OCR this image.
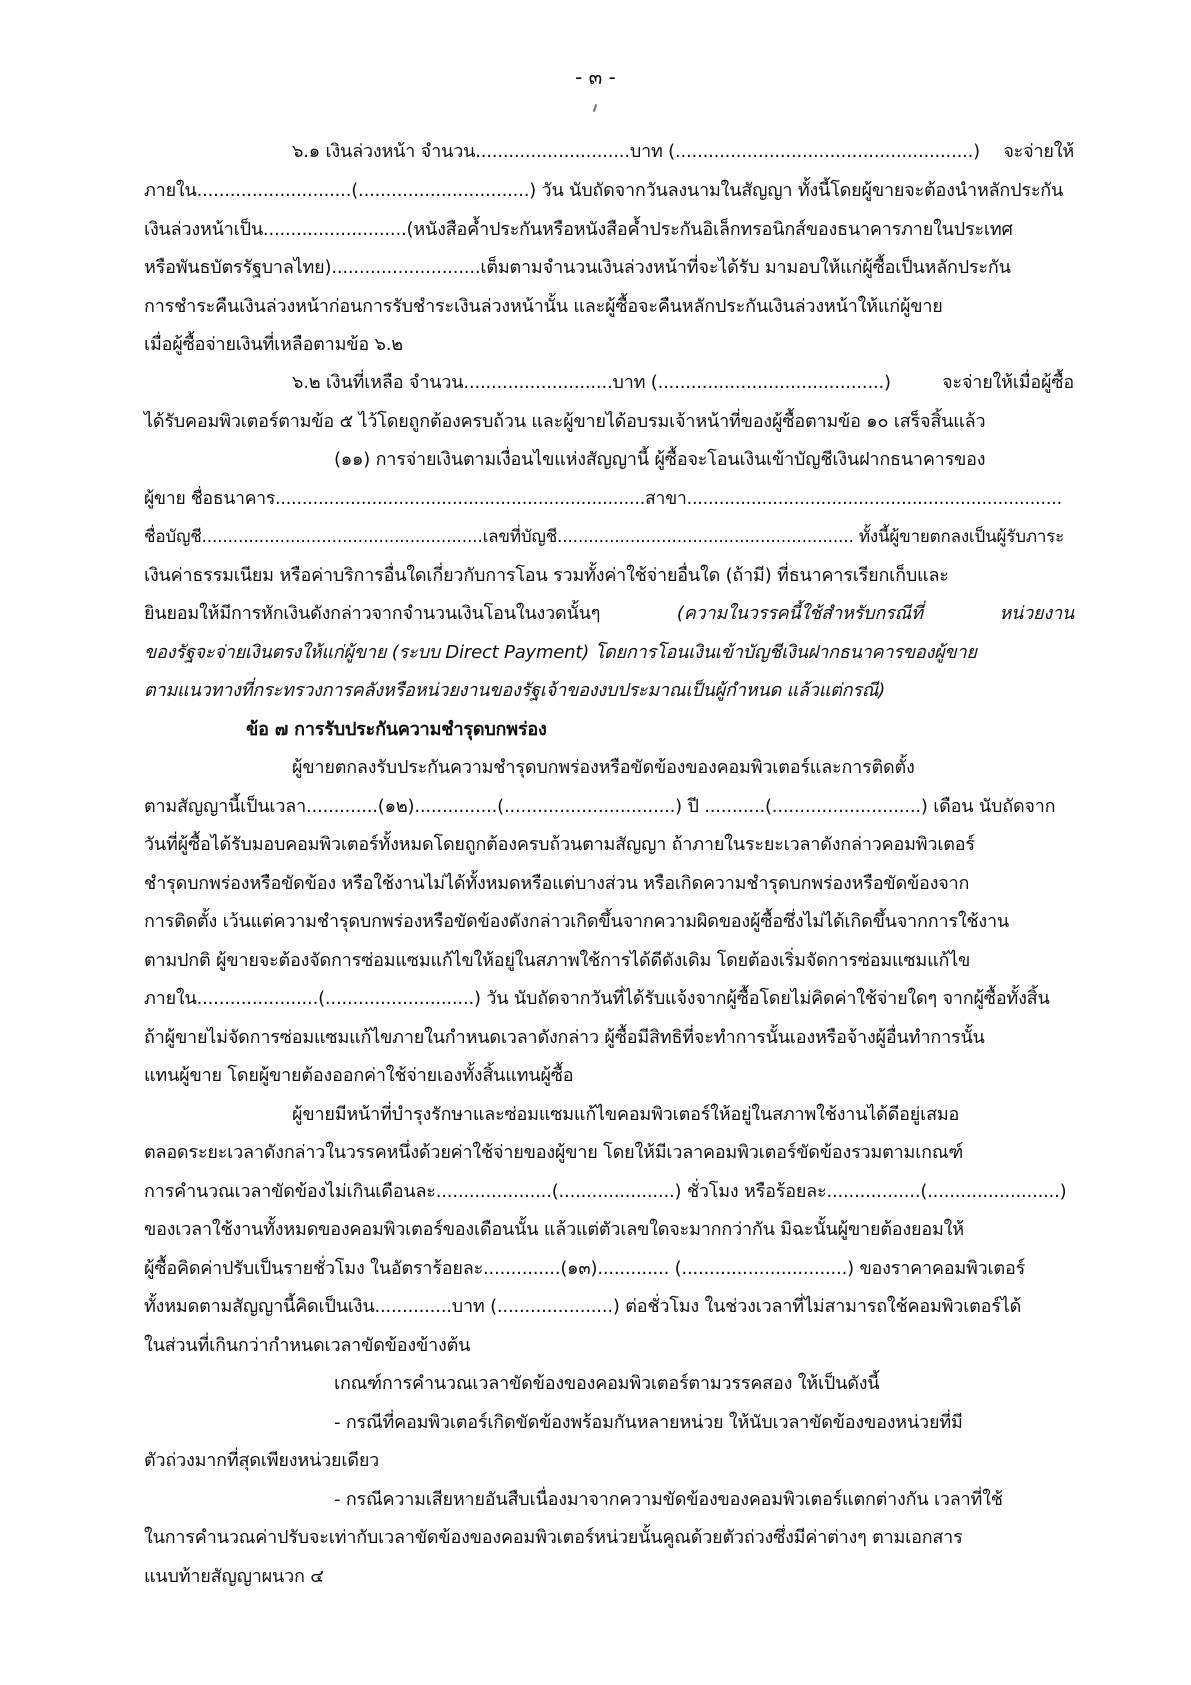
- ๓ -
๖.๑ เงินล่วงหน้า จำนวน............................บาท (......................................................) จะจ่ายให้
ภายใน............................(...............................) วัน นับถัดจากวันลงนามในสัญญา ทั้งนี้โดยผู้ขายจะต้องนำหลักประกัน
เงินล่วงหน้าเป็น..........................(หนังสือค้ำประกันหรือหนังสือค้ำประกันอิเล็กทรอนิกส์ของธนาคารภายในประเทศ
หรือพันธบัตรรัฐบาลไทย)...........................เต็มตามจำนวนเงินล่วงหน้าที่จะได้รับ มามอบให้แก่ผู้ซื้อเป็นหลักประกัน
การชำระคืนเงินล่วงหน้าก่อนการรับชำระเงินล่วงหน้านั้น และผู้ซื้อจะคืนหลักประกันเงินล่วงหน้าให้แก่ผู้ขาย
เมื่อผู้ซื้อจ่ายเงินที่เหลือตามข้อ ๖.๒
๖.๒ เงินที่เหลือ จำนวน...........................บาท (.........................................)	จะจ่ายให้เมื่อผู้ซื้อ
ได้รับคอมพิวเตอร์ตามข้อ ๕ ไว้โดยถูกต้องครบถ้วน และผู้ขายได้อบรมเจ้าหน้าที่ของผู้ซื้อตามข้อ ๑๐ เสร็จสิ้นแล้ว
(๑๑) การจ่ายเงินตามเงื่อนไขแห่งสัญญานี้ ผู้ซื้อจะโอนเงินเข้าบัญชีเงินฝากธนาคารของ
ผู้ขาย ชื่อธนาคาร.....................................................................สาขา......................................................................
ชื่อบัญชี......................................................เลขที่บัญชี......................................................... ทั้งนี้ผู้ขายตกลงเป็นผู้รับภาระ
เงินค่าธรรมเนียม หรือค่าบริการอื่นใดเกี่ยวกับการโอน รวมทั้งค่าใช้จ่ายอื่นใด (ถ้ามี) ที่ธนาคารเรียกเก็บและ
ยินยอมให้มีการหักเงินดังกล่าวจากจำนวนเงินโอนในงวดนั้นๆ	(ความในวรรคนี้ใช้สำหรับกรณีที่	หน่วยงาน
ของรัฐจะจ่ายเงินตรงให้แก่ผู้ขาย (ระบบ Direct Payment) โดยการโอนเงินเข้าบัญชีเงินฝากธนาคารของผู้ขาย
ตามแนวทางที่กระทรวงการคลังหรือหน่วยงานของรัฐเจ้าของงบประมาณเป็นผู้กำหนด แล้วแต่กรณี)
ข้อ ๗ การรับประกันความชำรุดบกพร่อง
ผู้ขายตกลงรับประกันความชำรุดบกพร่องหรือขัดข้องของคอมพิวเตอร์และการติดตั้ง
ตามสัญญานี้เป็นเวลา.............(๑๒)...............(...............................) ปี ...........(...........................) เดือน นับถัดจาก
วันที่ผู้ซื้อได้รับมอบคอมพิวเตอร์ทั้งหมดโดยถูกต้องครบถ้วนตามสัญญา ถ้าภายในระยะเวลาดังกล่าวคอมพิวเตอร์
ชำรุดบกพร่องหรือขัดข้อง หรือใช้งานไม่ได้ทั้งหมดหรือแต่บางส่วน หรือเกิดความชำรุดบกพร่องหรือขัดข้องจาก
การติดตั้ง เว้นแต่ความชำรุดบกพร่องหรือขัดข้องดังกล่าวเกิดขึ้นจากความผิดของผู้ซื้อซึ่งไม่ได้เกิดขึ้นจากการใช้งาน
ตามปกติ ผู้ขายจะต้องจัดการซ่อมแซมแก้ไขให้อยู่ในสภาพใช้การได้ดีดังเดิม โดยต้องเริ่มจัดการซ่อมแซมแก้ไข
ภายใน......................(...........................) วัน นับถัดจากวันที่ได้รับแจ้งจากผู้ซื้อโดยไม่คิดค่าใช้จ่ายใดๆ จากผู้ซื้อทั้งสิ้น
ถ้าผู้ขายไม่จัดการซ่อมแซมแก้ไขภายในกำหนดเวลาดังกล่าว ผู้ซื้อมีสิทธิที่จะทำการนั้นเองหรือจ้างผู้อื่นทำการนั้น
แทนผู้ขาย โดยผู้ขายต้องออกค่าใช้จ่ายเองทั้งสิ้นแทนผู้ซื้อ
ผู้ขายมีหน้าที่บำรุงรักษาและซ่อมแซมแก้ไขคอมพิวเตอร์ให้อยู่ในสภาพใช้งานได้ดีอยู่เสมอ
ตลอดระยะเวลาดังกล่าวในวรรคหนึ่งด้วยค่าใช้จ่ายของผู้ขาย โดยให้มีเวลาคอมพิวเตอร์ขัดข้องรวมตามเกณฑ์
การคำนวณเวลาขัดข้องไม่เกินเดือนละ.....................(.....................) ชั่วโมง หรือร้อยละ.................(........................)
ของเวลาใช้งานทั้งหมดของคอมพิวเตอร์ของเดือนนั้น แล้วแต่ตัวเลขใดจะมากกว่ากัน มิฉะนั้นผู้ขายต้องยอมให้
ผู้ซื้อคิดค่าปรับเป็นรายชั่วโมง ในอัตราร้อยละ..............(๑๓)............. (..............................) ของราคาคอมพิวเตอร์
ทั้งหมดตามสัญญานี้คิดเป็นเงิน..............บาท (.....................) ต่อชั่วโมง ในช่วงเวลาที่ไม่สามารถใช้คอมพิวเตอร์ได้
ในส่วนที่เกินกว่ากำหนดเวลาขัดข้องข้างต้น
เกณฑ์การคำนวณเวลาขัดข้องของคอมพิวเตอร์ตามวรรคสอง ให้เป็นดังนี้
- กรณีที่คอมพิวเตอร์เกิดขัดข้องพร้อมกันหลายหน่วย ให้นับเวลาขัดข้องของหน่วยที่มี
ตัวถ่วงมากที่สุดเพียงหน่วยเดียว
- กรณีความเสียหายอันสืบเนื่องมาจากความขัดข้องของคอมพิวเตอร์แตกต่างกัน เวลาที่ใช้
ในการคำนวณค่าปรับจะเท่ากับเวลาขัดข้องของคอมพิวเตอร์หน่วยนั้นคูณด้วยตัวถ่วงซึ่งมีค่าต่างๆ ตามเอกสาร
แนบท้ายสัญญาผนวก ๔
